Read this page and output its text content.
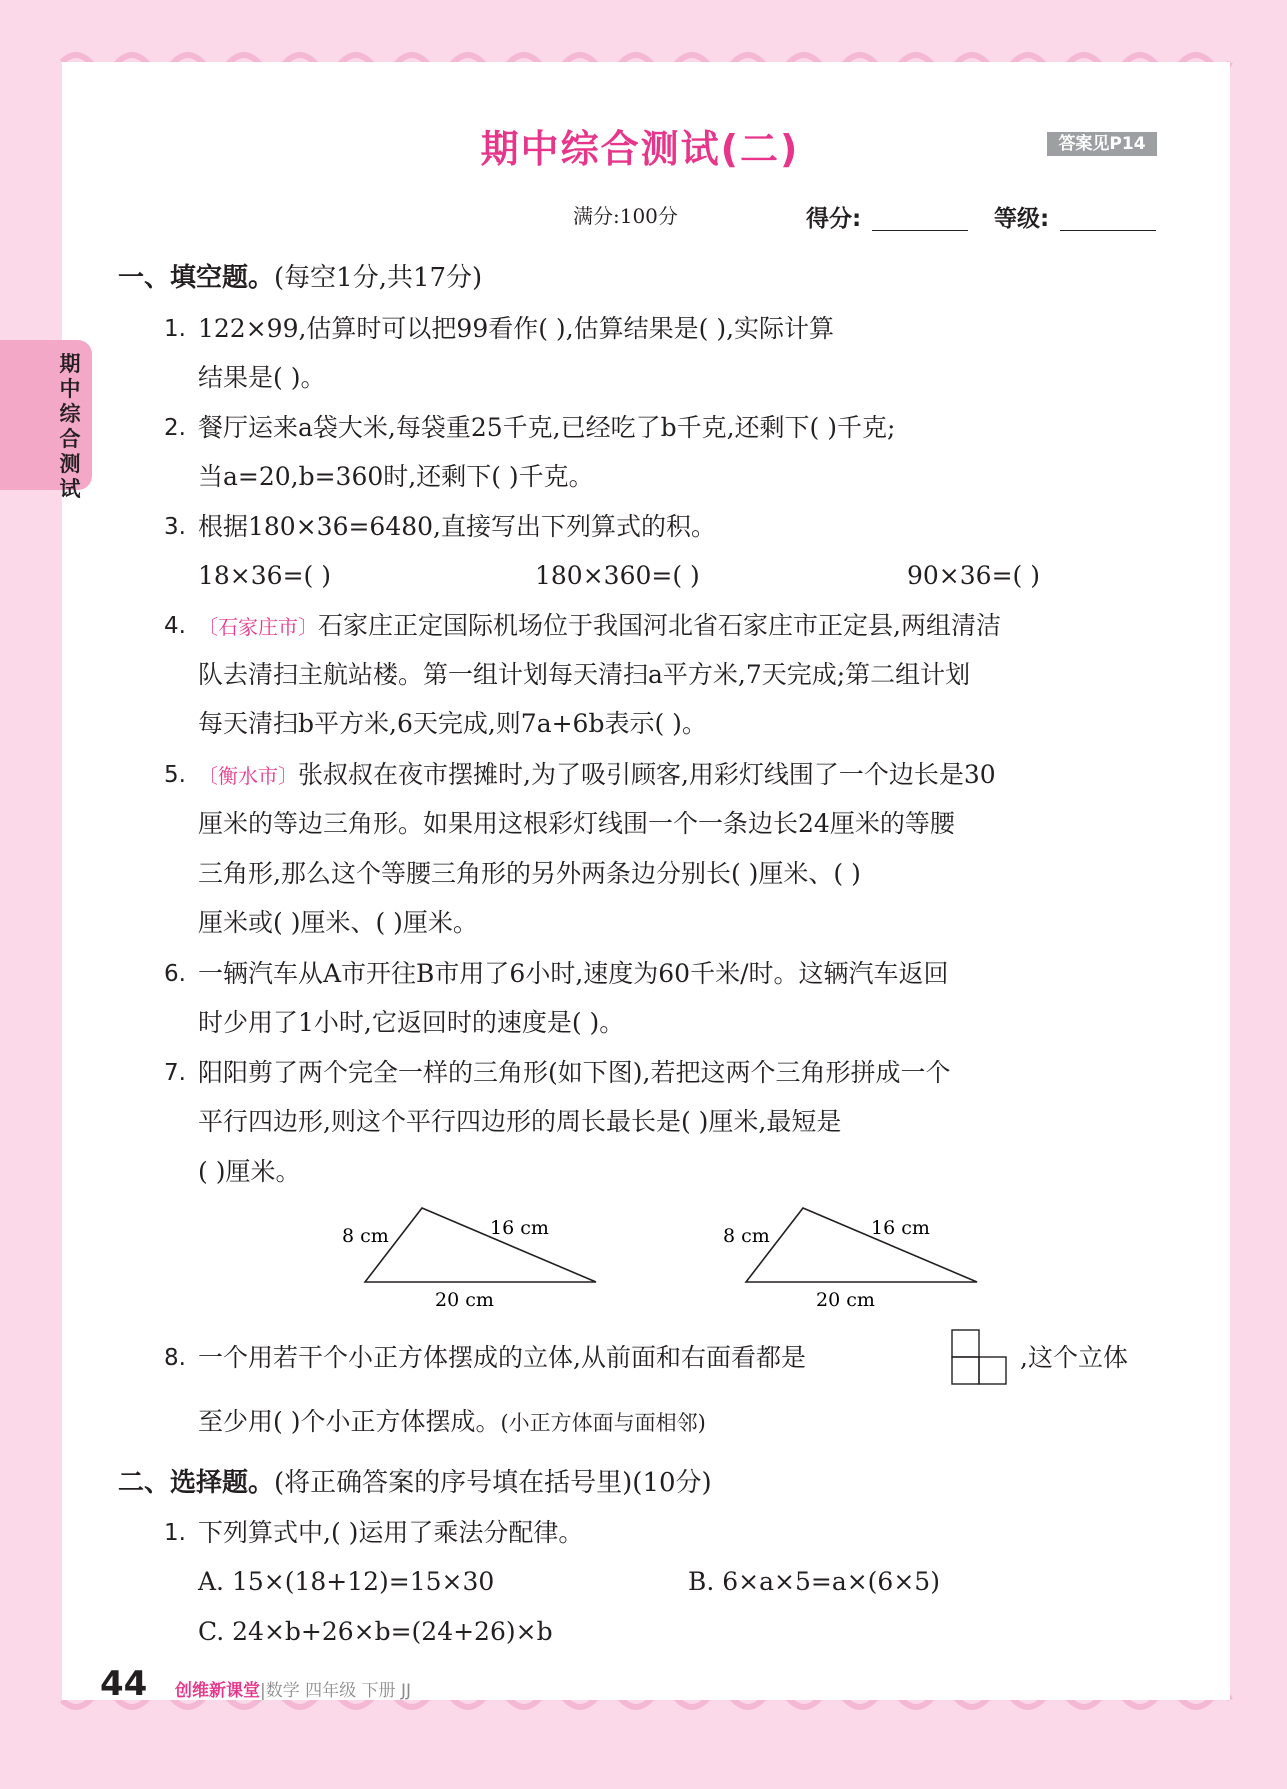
期中综合测试
期中综合测试(二)	答案见P14
满分:100分	得分:	等级:
一、填空题。(每空1分,共17分)
1. 122×99,估算时可以把99看作( ),估算结果是( ),实际计算
结果是( )。
2. 餐厅运来a袋大米,每袋重25千克,已经吃了b千克,还剩下( )千克;
当a=20,b=360时,还剩下( )千克。
3. 根据180×36=6480,直接写出下列算式的积。
18×36=( )	180×360=( )	90×36=( )
4. 〔石家庄市〕石家庄正定国际机场位于我国河北省石家庄市正定县,两组清洁
队去清扫主航站楼。第一组计划每天清扫a平方米,7天完成;第二组计划
每天清扫b平方米,6天完成,则7a+6b表示( )。
5. 〔衡水市〕张叔叔在夜市摆摊时,为了吸引顾客,用彩灯线围了一个边长是30
厘米的等边三角形。如果用这根彩灯线围一个一条边长24厘米的等腰
三角形,那么这个等腰三角形的另外两条边分别长( )厘米、( )
厘米或( )厘米、( )厘米。
6. 一辆汽车从A市开往B市用了6小时,速度为60千米/时。这辆汽车返回
时少用了1小时,它返回时的速度是( )。
7. 阳阳剪了两个完全一样的三角形(如下图),若把这两个三角形拼成一个
平行四边形,则这个平行四边形的周长最长是( )厘米,最短是
( )厘米。
8 cm	16 cm
20 cm
8 cm	16 cm
20 cm
8. 一个用若干个小正方体摆成的立体,从前面和右面看都是	,这个立体
至少用( )个小正方体摆成。(小正方体面与面相邻)
二、选择题。(将正确答案的序号填在括号里)(10分)
1. 下列算式中,( )运用了乘法分配律。
A. 15×(18+12)=15×30	B. 6×a×5=a×(6×5)
C. 24×b+26×b=(24+26)×b
44 创维新课堂|数学 四年级 下册 JJ
